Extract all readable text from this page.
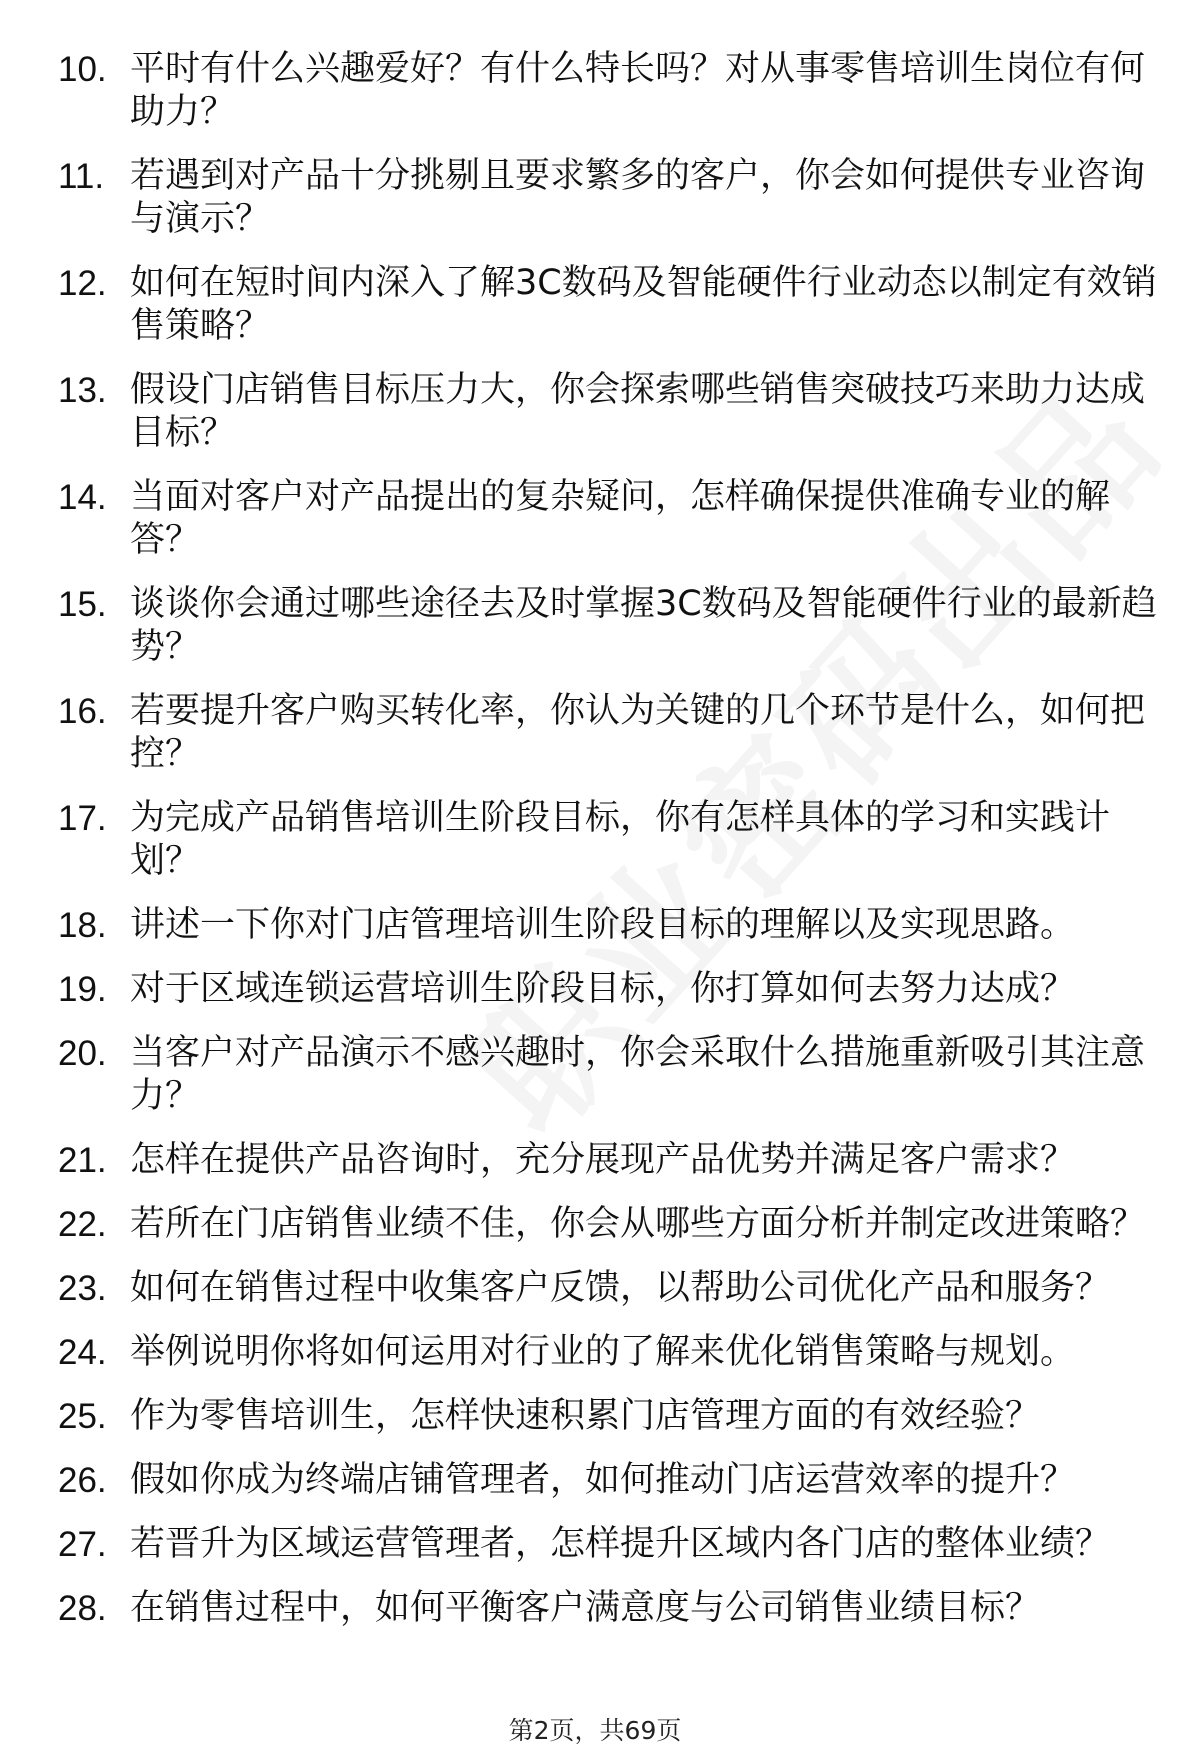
10. 平时有什么兴趣爱好？有什么特长吗？对从事零售培训生岗位有何助力？
11. 若遇到对产品十分挑剔且要求繁多的客户，你会如何提供专业咨询与演示？
12. 如何在短时间内深入了解3C数码及智能硬件行业动态以制定有效销售策略？
13. 假设门店销售目标压力大，你会探索哪些销售突破技巧来助力达成目标？
14. 当面对客户对产品提出的复杂疑问，怎样确保提供准确专业的解答？
15. 谈谈你会通过哪些途径去及时掌握3C数码及智能硬件行业的最新趋势？
16. 若要提升客户购买转化率，你认为关键的几个环节是什么，如何把控？
17. 为完成产品销售培训生阶段目标，你有怎样具体的学习和实践计划？
18. 讲述一下你对门店管理培训生阶段目标的理解以及实现思路。
19. 对于区域连锁运营培训生阶段目标，你打算如何去努力达成？
20. 当客户对产品演示不感兴趣时，你会采取什么措施重新吸引其注意力？
21. 怎样在提供产品咨询时，充分展现产品优势并满足客户需求？
22. 若所在门店销售业绩不佳，你会从哪些方面分析并制定改进策略？
23. 如何在销售过程中收集客户反馈，以帮助公司优化产品和服务？
24. 举例说明你将如何运用对行业的了解来优化销售策略与规划。
25. 作为零售培训生，怎样快速积累门店管理方面的有效经验？
26. 假如你成为终端店铺管理者，如何推动门店运营效率的提升？
27. 若晋升为区域运营管理者，怎样提升区域内各门店的整体业绩？
28. 在销售过程中，如何平衡客户满意度与公司销售业绩目标？
第2页，共69页
